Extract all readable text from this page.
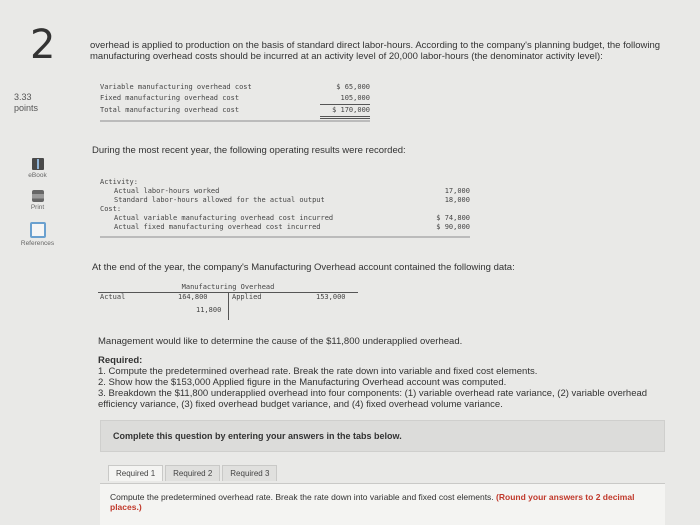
2
3.33
points
eBook
Print
References
overhead is applied to production on the basis of standard direct labor-hours. According to the company's planning budget, the following manufacturing overhead costs should be incurred at an activity level of 20,000 labor-hours (the denominator activity level):
Variable manufacturing overhead cost	$ 65,000
Fixed manufacturing overhead cost	105,000
Total manufacturing overhead cost	$ 170,000
During the most recent year, the following operating results were recorded:
Activity:
Actual labor-hours worked	17,000
Standard labor-hours allowed for the actual output	18,000
Cost:
Actual variable manufacturing overhead cost incurred	$ 74,800
Actual fixed manufacturing overhead cost incurred	$ 90,000
At the end of the year, the company's Manufacturing Overhead account contained the following data:
Manufacturing Overhead
Actual	164,800	Applied	153,000
11,800
Management would like to determine the cause of the $11,800 underapplied overhead.
Required:
1. Compute the predetermined overhead rate. Break the rate down into variable and fixed cost elements.
2. Show how the $153,000 Applied figure in the Manufacturing Overhead account was computed.
3. Breakdown the $11,800 underapplied overhead into four components: (1) variable overhead rate variance, (2) variable overhead efficiency variance, (3) fixed overhead budget variance, and (4) fixed overhead volume variance.
Complete this question by entering your answers in the tabs below.
Required 1	Required 2	Required 3
Compute the predetermined overhead rate. Break the rate down into variable and fixed cost elements. (Round your answers to 2 decimal places.)
